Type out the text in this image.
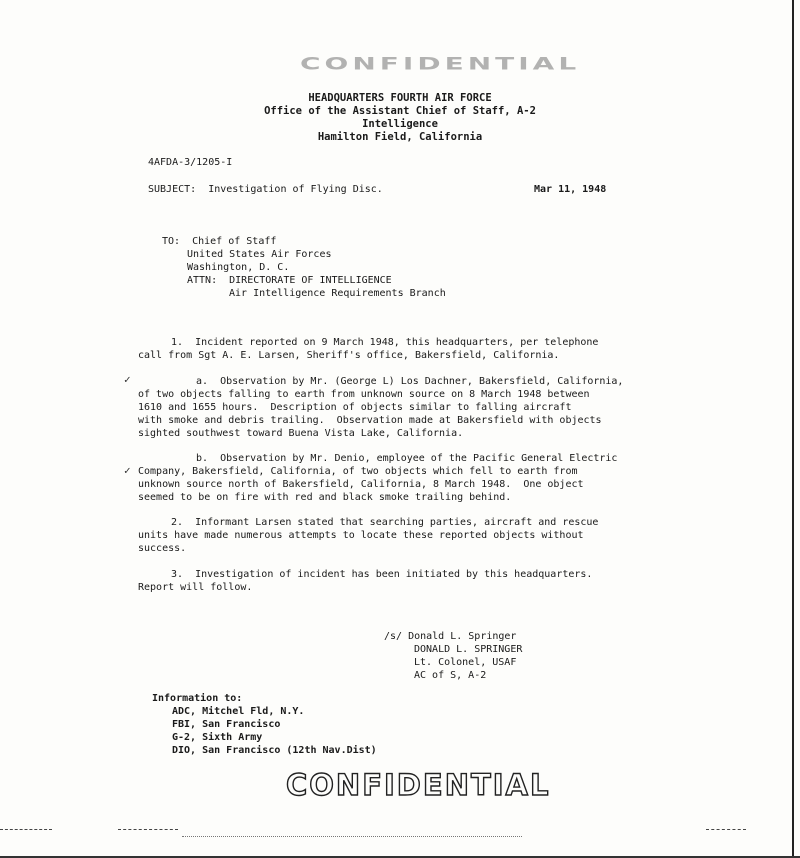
CONFIDENTIAL
HEADQUARTERS FOURTH AIR FORCE
Office of the Assistant Chief of Staff, A-2
Intelligence
Hamilton Field, California
4AFDA-3/1205-I
SUBJECT:  Investigation of Flying Disc.	Mar 11, 1948
TO:  Chief of Staff
United States Air Forces
Washington, D. C.
ATTN:  DIRECTORATE OF INTELLIGENCE
Air Intelligence Requirements Branch
1.  Incident reported on 9 March 1948, this headquarters, per telephone
call from Sgt A. E. Larsen, Sheriff's office, Bakersfield, California.
✓	a.  Observation by Mr. (George L) Los Dachner, Bakersfield, California,
of two objects falling to earth from unknown source on 8 March 1948 between
1610 and 1655 hours.  Description of objects similar to falling aircraft
with smoke and debris trailing.  Observation made at Bakersfield with objects
sighted southwest toward Buena Vista Lake, California.
✓
b.  Observation by Mr. Denio, employee of the Pacific General Electric
Company, Bakersfield, California, of two objects which fell to earth from
unknown source north of Bakersfield, California, 8 March 1948.  One object
seemed to be on fire with red and black smoke trailing behind.
2.  Informant Larsen stated that searching parties, aircraft and rescue
units have made numerous attempts to locate these reported objects without
success.
3.  Investigation of incident has been initiated by this headquarters.
Report will follow.
/s/ Donald L. Springer
DONALD L. SPRINGER
Lt. Colonel, USAF
AC of S, A-2
Information to:
ADC, Mitchel Fld, N.Y.
FBI, San Francisco
G-2, Sixth Army
DIO, San Francisco (12th Nav.Dist)
CONFIDENTIAL
